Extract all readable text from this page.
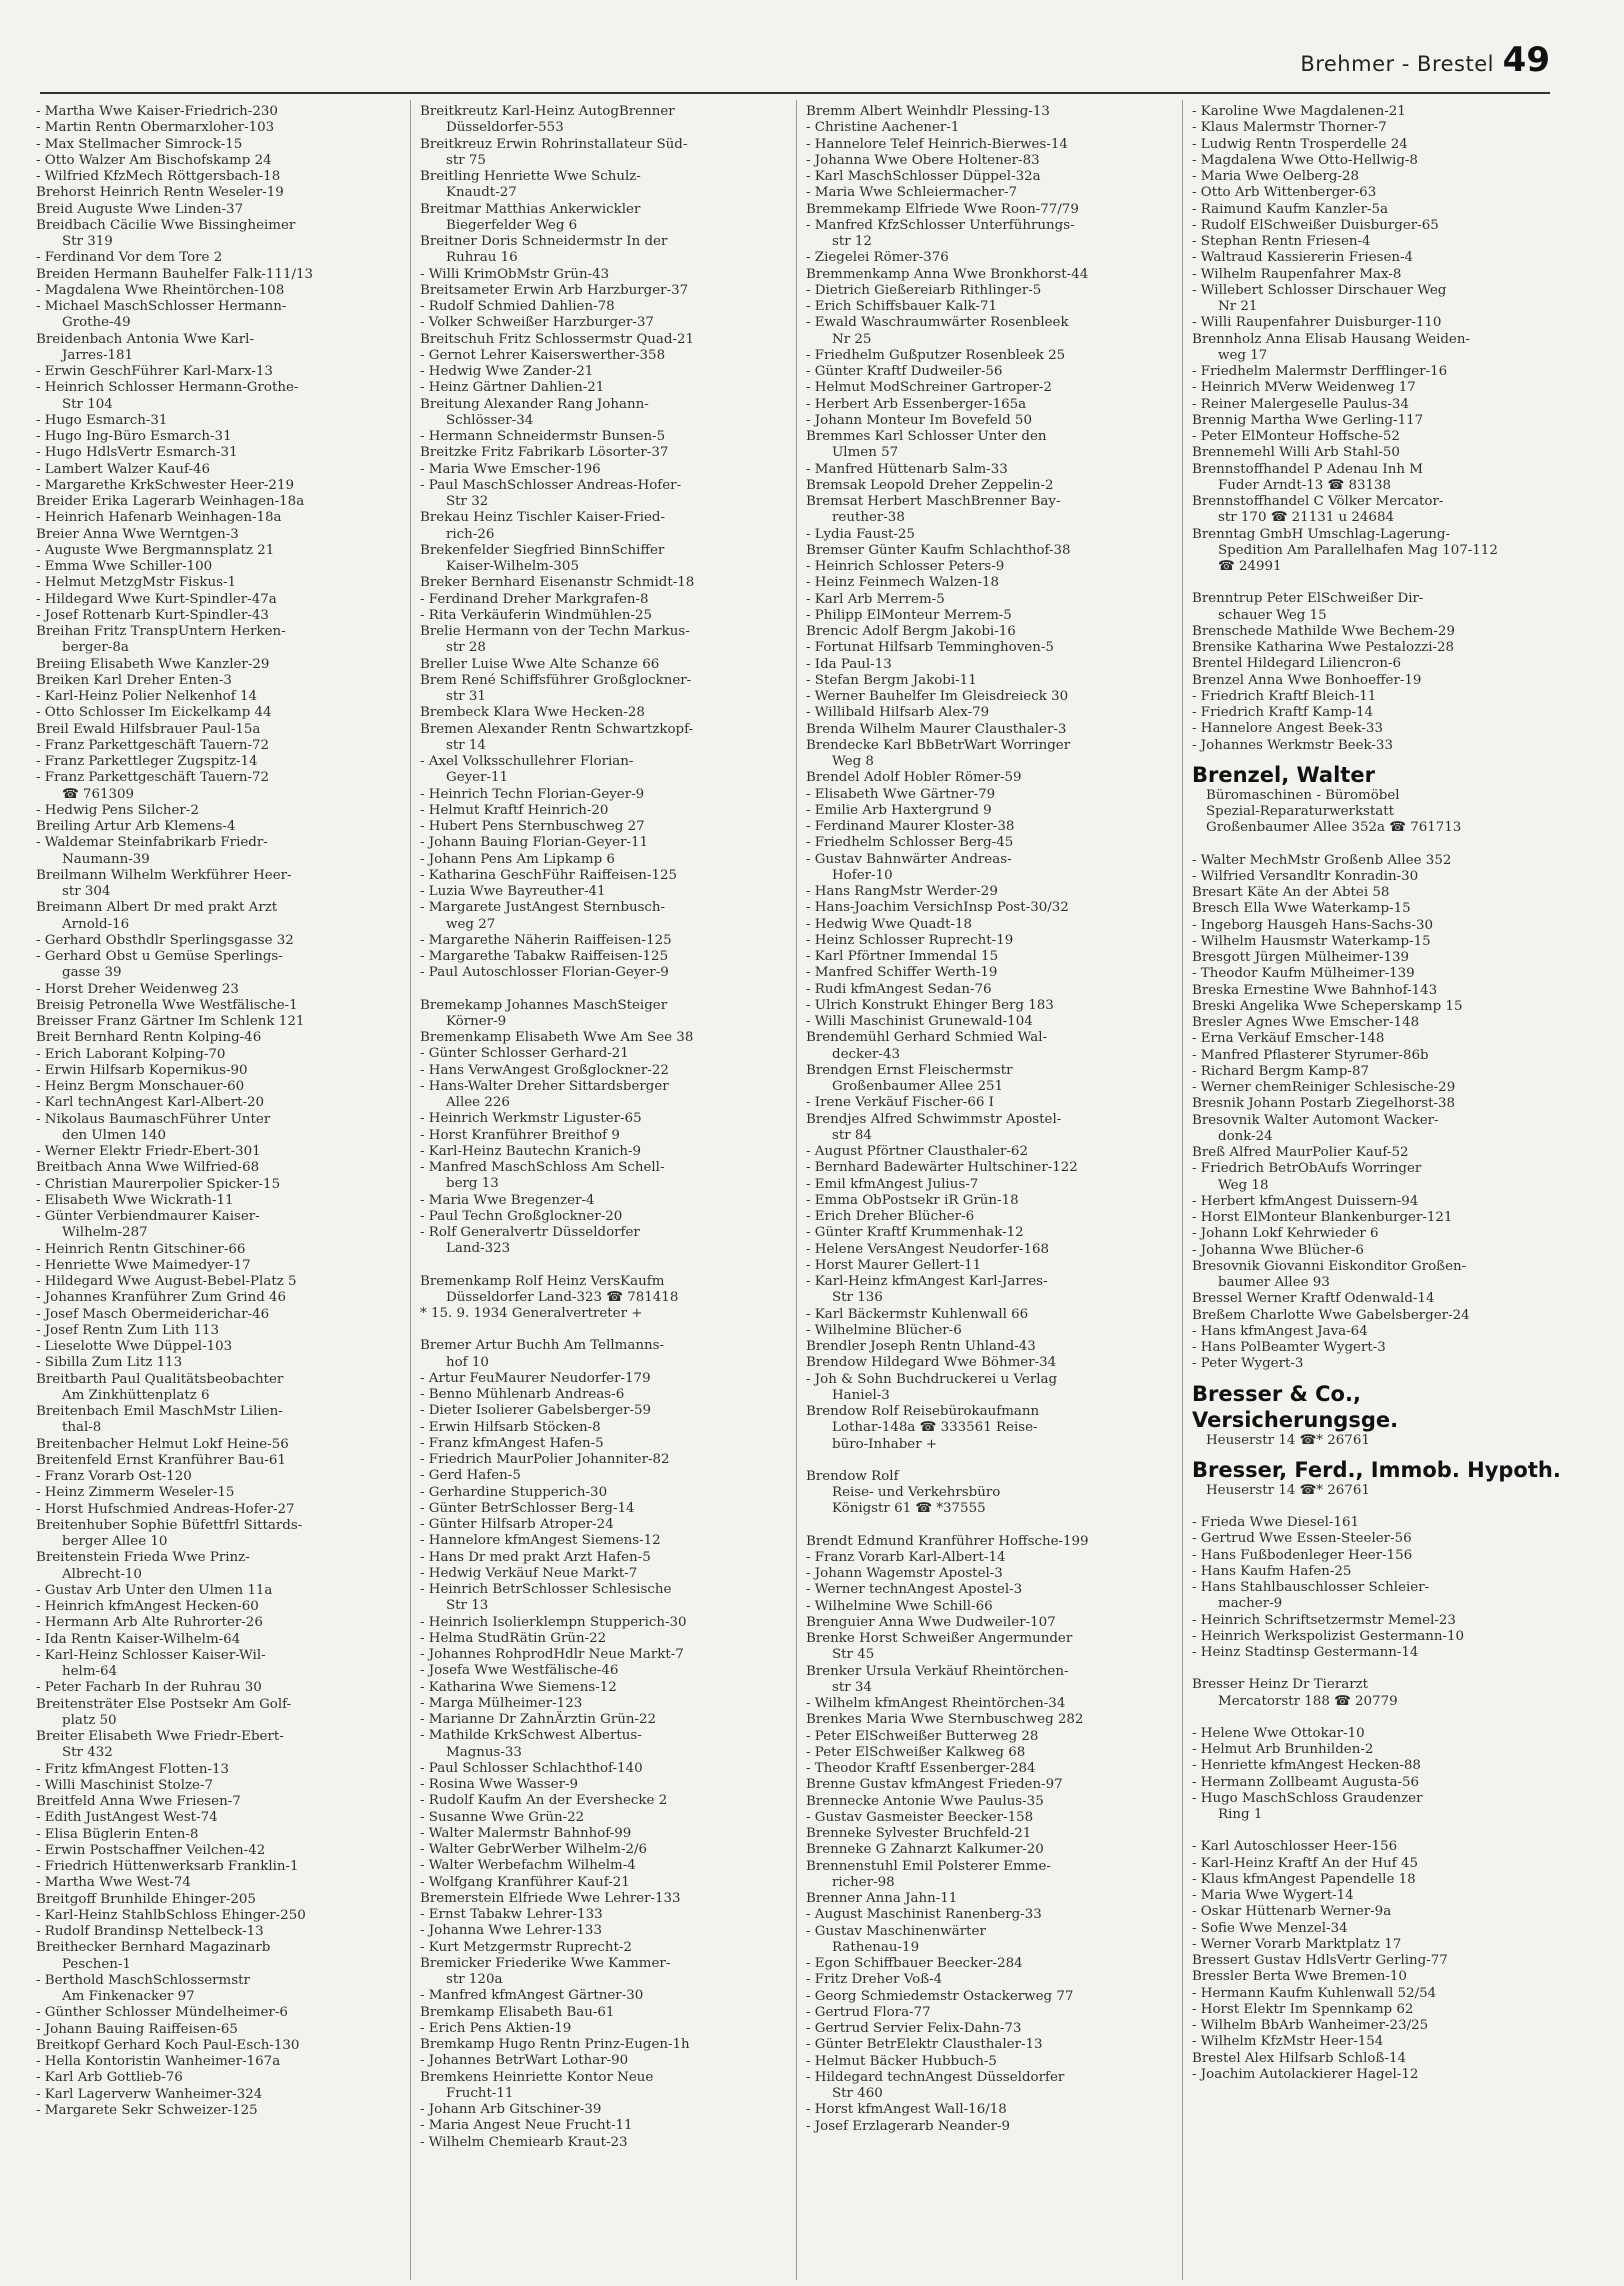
Brehmer - Brestel 49
- Martha Wwe Kaiser-Friedrich-230
- Martin Rentn Obermarxloher-103
- Max Stellmacher Simrock-15
- Otto Walzer Am Bischofskamp 24
- Wilfried KfzMech Röttgersbach-18
Brehorst Heinrich Rentn Weseler-19
Breid Auguste Wwe Linden-37
Breidbach Cäcilie Wwe Bissingheimer
Str 319
- Ferdinand Vor dem Tore 2
Breiden Hermann Bauhelfer Falk-111/13
- Magdalena Wwe Rheintörchen-108
- Michael MaschSchlosser Hermann-
Grothe-49
Breidenbach Antonia Wwe Karl-
Jarres-181
- Erwin GeschFührer Karl-Marx-13
- Heinrich Schlosser Hermann-Grothe-
Str 104
- Hugo Esmarch-31
- Hugo Ing-Büro Esmarch-31
- Hugo HdlsVertr Esmarch-31
- Lambert Walzer Kauf-46
- Margarethe KrkSchwester Heer-219
Breider Erika Lagerarb Weinhagen-18a
- Heinrich Hafenarb Weinhagen-18a
Breier Anna Wwe Werntgen-3
- Auguste Wwe Bergmannsplatz 21
- Emma Wwe Schiller-100
- Helmut MetzgMstr Fiskus-1
- Hildegard Wwe Kurt-Spindler-47a
- Josef Rottenarb Kurt-Spindler-43
Breihan Fritz TranspUntern Herken-
berger-8a
Breiing Elisabeth Wwe Kanzler-29
Breiken Karl Dreher Enten-3
- Karl-Heinz Polier Nelkenhof 14
- Otto Schlosser Im Eickelkamp 44
Breil Ewald Hilfsbrauer Paul-15a
- Franz Parkettgeschäft Tauern-72
- Franz Parkettleger Zugspitz-14
- Franz Parkettgeschäft Tauern-72
☎ 761309
- Hedwig Pens Silcher-2
Breiling Artur Arb Klemens-4
- Waldemar Steinfabrikarb Friedr-
Naumann-39
Breilmann Wilhelm Werkführer Heer-
str 304
Breimann Albert Dr med prakt Arzt
Arnold-16
- Gerhard Obsthdlr Sperlingsgasse 32
- Gerhard Obst u Gemüse Sperlings-
gasse 39
- Horst Dreher Weidenweg 23
Breisig Petronella Wwe Westfälische-1
Breisser Franz Gärtner Im Schlenk 121
Breit Bernhard Rentn Kolping-46
- Erich Laborant Kolping-70
- Erwin Hilfsarb Kopernikus-90
- Heinz Bergm Monschauer-60
- Karl technAngest Karl-Albert-20
- Nikolaus BaumaschFührer Unter
den Ulmen 140
- Werner Elektr Friedr-Ebert-301
Breitbach Anna Wwe Wilfried-68
- Christian Maurerpolier Spicker-15
- Elisabeth Wwe Wickrath-11
- Günter Verbiendmaurer Kaiser-
Wilhelm-287
- Heinrich Rentn Gitschiner-66
- Henriette Wwe Maimedyer-17
- Hildegard Wwe August-Bebel-Platz 5
- Johannes Kranführer Zum Grind 46
- Josef Masch Obermeiderichar-46
- Josef Rentn Zum Lith 113
- Lieselotte Wwe Düppel-103
- Sibilla Zum Litz 113
Breitbarth Paul Qualitätsbeobachter
Am Zinkhüttenplatz 6
Breitenbach Emil MaschMstr Lilien-
thal-8
Breitenbacher Helmut Lokf Heine-56
Breitenfeld Ernst Kranführer Bau-61
- Franz Vorarb Ost-120
- Heinz Zimmerm Weseler-15
- Horst Hufschmied Andreas-Hofer-27
Breitenhuber Sophie Büfettfrl Sittards-
berger Allee 10
Breitenstein Frieda Wwe Prinz-
Albrecht-10
- Gustav Arb Unter den Ulmen 11a
- Heinrich kfmAngest Hecken-60
- Hermann Arb Alte Ruhrorter-26
- Ida Rentn Kaiser-Wilhelm-64
- Karl-Heinz Schlosser Kaiser-Wil-
helm-64
- Peter Facharb In der Ruhrau 30
Breitensträter Else Postsekr Am Golf-
platz 50
Breiter Elisabeth Wwe Friedr-Ebert-
Str 432
- Fritz kfmAngest Flotten-13
- Willi Maschinist Stolze-7
Breitfeld Anna Wwe Friesen-7
- Edith JustAngest West-74
- Elisa Büglerin Enten-8
- Erwin Postschaffner Veilchen-42
- Friedrich Hüttenwerksarb Franklin-1
- Martha Wwe West-74
Breitgoff Brunhilde Ehinger-205
- Karl-Heinz StahlbSchloss Ehinger-250
- Rudolf Brandinsp Nettelbeck-13
Breithecker Bernhard Magazinarb
Peschen-1
- Berthold MaschSchlossermstr
Am Finkenacker 97
- Günther Schlosser Mündelheimer-6
- Johann Bauing Raiffeisen-65
Breitkopf Gerhard Koch Paul-Esch-130
- Hella Kontoristin Wanheimer-167a
- Karl Arb Gottlieb-76
- Karl Lagerverw Wanheimer-324
- Margarete Sekr Schweizer-125
Breitkreutz Karl-Heinz AutogBrenner
Düsseldorfer-553
Breitkreuz Erwin Rohrinstallateur Süd-
str 75
Breitling Henriette Wwe Schulz-
Knaudt-27
Breitmar Matthias Ankerwickler
Biegerfelder Weg 6
Breitner Doris Schneidermstr In der
Ruhrau 16
- Willi KrimObMstr Grün-43
Breitsameter Erwin Arb Harzburger-37
- Rudolf Schmied Dahlien-78
- Volker Schweißer Harzburger-37
Breitschuh Fritz Schlossermstr Quad-21
- Gernot Lehrer Kaiserswerther-358
- Hedwig Wwe Zander-21
- Heinz Gärtner Dahlien-21
Breitung Alexander Rang Johann-
Schlösser-34
- Hermann Schneidermstr Bunsen-5
Breitzke Fritz Fabrikarb Lösorter-37
- Maria Wwe Emscher-196
- Paul MaschSchlosser Andreas-Hofer-
Str 32
Brekau Heinz Tischler Kaiser-Fried-
rich-26
Brekenfelder Siegfried BinnSchiffer
Kaiser-Wilhelm-305
Breker Bernhard Eisenanstr Schmidt-18
- Ferdinand Dreher Markgrafen-8
- Rita Verkäuferin Windmühlen-25
Brelie Hermann von der Techn Markus-
str 28
Breller Luise Wwe Alte Schanze 66
Brem René Schiffsführer Großglockner-
str 31
Brembeck Klara Wwe Hecken-28
Bremen Alexander Rentn Schwartzkopf-
str 14
- Axel Volksschullehrer Florian-
Geyer-11
- Heinrich Techn Florian-Geyer-9
- Helmut Kraftf Heinrich-20
- Hubert Pens Sternbuschweg 27
- Johann Bauing Florian-Geyer-11
- Johann Pens Am Lipkamp 6
- Katharina GeschFühr Raiffeisen-125
- Luzia Wwe Bayreuther-41
- Margarete JustAngest Sternbusch-
weg 27
- Margarethe Näherin Raiffeisen-125
- Margarethe Tabakw Raiffeisen-125
- Paul Autoschlosser Florian-Geyer-9
Bremekamp Johannes MaschSteiger
Körner-9
Bremenkamp Elisabeth Wwe Am See 38
- Günter Schlosser Gerhard-21
- Hans VerwAngest Großglockner-22
- Hans-Walter Dreher Sittardsberger
Allee 226
- Heinrich Werkmstr Liguster-65
- Horst Kranführer Breithof 9
- Karl-Heinz Bautechn Kranich-9
- Manfred MaschSchloss Am Schell-
berg 13
- Maria Wwe Bregenzer-4
- Paul Techn Großglockner-20
- Rolf Generalvertr Düsseldorfer
Land-323
Bremenkamp Rolf Heinz VersKaufm
Düsseldorfer Land-323 ☎ 781418
* 15. 9. 1934 Generalvertreter +
Bremer Artur Buchh Am Tellmanns-
hof 10
- Artur FeuMaurer Neudorfer-179
- Benno Mühlenarb Andreas-6
- Dieter Isolierer Gabelsberger-59
- Erwin Hilfsarb Stöcken-8
- Franz kfmAngest Hafen-5
- Friedrich MaurPolier Johanniter-82
- Gerd Hafen-5
- Gerhardine Stupperich-30
- Günter BetrSchlosser Berg-14
- Günter Hilfsarb Atroper-24
- Hannelore kfmAngest Siemens-12
- Hans Dr med prakt Arzt Hafen-5
- Hedwig Verkäuf Neue Markt-7
- Heinrich BetrSchlosser Schlesische
Str 13
- Heinrich Isolierklempn Stupperich-30
- Helma StudRätin Grün-22
- Johannes RohprodHdlr Neue Markt-7
- Josefa Wwe Westfälische-46
- Katharina Wwe Siemens-12
- Marga Mülheimer-123
- Marianne Dr ZahnÄrztin Grün-22
- Mathilde KrkSchwest Albertus-
Magnus-33
- Paul Schlosser Schlachthof-140
- Rosina Wwe Wasser-9
- Rudolf Kaufm An der Evershecke 2
- Susanne Wwe Grün-22
- Walter Malermstr Bahnhof-99
- Walter GebrWerber Wilhelm-2/6
- Walter Werbefachm Wilhelm-4
- Wolfgang Kranführer Kauf-21
Bremerstein Elfriede Wwe Lehrer-133
- Ernst Tabakw Lehrer-133
- Johanna Wwe Lehrer-133
- Kurt Metzgermstr Ruprecht-2
Bremicker Friederike Wwe Kammer-
str 120a
- Manfred kfmAngest Gärtner-30
Bremkamp Elisabeth Bau-61
- Erich Pens Aktien-19
Bremkamp Hugo Rentn Prinz-Eugen-1h
- Johannes BetrWart Lothar-90
Bremkens Heinriette Kontor Neue
Frucht-11
- Johann Arb Gitschiner-39
- Maria Angest Neue Frucht-11
- Wilhelm Chemiearb Kraut-23
Bremm Albert Weinhdlr Plessing-13
- Christine Aachener-1
- Hannelore Telef Heinrich-Bierwes-14
- Johanna Wwe Obere Holtener-83
- Karl MaschSchlosser Düppel-32a
- Maria Wwe Schleiermacher-7
Bremmekamp Elfriede Wwe Roon-77/79
- Manfred KfzSchlosser Unterführungs-
str 12
- Ziegelei Römer-376
Bremmenkamp Anna Wwe Bronkhorst-44
- Dietrich Gießereiarb Rithlinger-5
- Erich Schiffsbauer Kalk-71
- Ewald Waschraumwärter Rosenbleek
Nr 25
- Friedhelm Gußputzer Rosenbleek 25
- Günter Kraftf Dudweiler-56
- Helmut ModSchreiner Gartroper-2
- Herbert Arb Essenberger-165a
- Johann Monteur Im Bovefeld 50
Bremmes Karl Schlosser Unter den
Ulmen 57
- Manfred Hüttenarb Salm-33
Bremsak Leopold Dreher Zeppelin-2
Bremsat Herbert MaschBrenner Bay-
reuther-38
- Lydia Faust-25
Bremser Günter Kaufm Schlachthof-38
- Heinrich Schlosser Peters-9
- Heinz Feinmech Walzen-18
- Karl Arb Merrem-5
- Philipp ElMonteur Merrem-5
Brencic Adolf Bergm Jakobi-16
- Fortunat Hilfsarb Temminghoven-5
- Ida Paul-13
- Stefan Bergm Jakobi-11
- Werner Bauhelfer Im Gleisdreieck 30
- Willibald Hilfsarb Alex-79
Brenda Wilhelm Maurer Clausthaler-3
Brendecke Karl BbBetrWart Worringer
Weg 8
Brendel Adolf Hobler Römer-59
- Elisabeth Wwe Gärtner-79
- Emilie Arb Haxtergrund 9
- Ferdinand Maurer Kloster-38
- Friedhelm Schlosser Berg-45
- Gustav Bahnwärter Andreas-
Hofer-10
- Hans RangMstr Werder-29
- Hans-Joachim VersichInsp Post-30/32
- Hedwig Wwe Quadt-18
- Heinz Schlosser Ruprecht-19
- Karl Pförtner Immendal 15
- Manfred Schiffer Werth-19
- Rudi kfmAngest Sedan-76
- Ulrich Konstrukt Ehinger Berg 183
- Willi Maschinist Grunewald-104
Brendemühl Gerhard Schmied Wal-
decker-43
Brendgen Ernst Fleischermstr
Großenbaumer Allee 251
- Irene Verkäuf Fischer-66 I
Brendjes Alfred Schwimmstr Apostel-
str 84
- August Pförtner Clausthaler-62
- Bernhard Badewärter Hultschiner-122
- Emil kfmAngest Julius-7
- Emma ObPostsekr iR Grün-18
- Erich Dreher Blücher-6
- Günter Kraftf Krummenhak-12
- Helene VersAngest Neudorfer-168
- Horst Maurer Gellert-11
- Karl-Heinz kfmAngest Karl-Jarres-
Str 136
- Karl Bäckermstr Kuhlenwall 66
- Wilhelmine Blücher-6
Brendler Joseph Rentn Uhland-43
Brendow Hildegard Wwe Böhmer-34
- Joh & Sohn Buchdruckerei u Verlag
Haniel-3
Brendow Rolf Reisebürokaufmann
Lothar-148a ☎ 333561 Reise-
büro-Inhaber +
Brendow Rolf
Reise- und Verkehrsbüro
Königstr 61 ☎ *37555
Brendt Edmund Kranführer Hoffsche-199
- Franz Vorarb Karl-Albert-14
- Johann Wagemstr Apostel-3
- Werner technAngest Apostel-3
- Wilhelmine Wwe Schill-66
Brenguier Anna Wwe Dudweiler-107
Brenke Horst Schweißer Angermunder
Str 45
Brenker Ursula Verkäuf Rheintörchen-
str 34
- Wilhelm kfmAngest Rheintörchen-34
Brenkes Maria Wwe Sternbuschweg 282
- Peter ElSchweißer Butterweg 28
- Peter ElSchweißer Kalkweg 68
- Theodor Kraftf Essenberger-284
Brenne Gustav kfmAngest Frieden-97
Brennecke Antonie Wwe Paulus-35
- Gustav Gasmeister Beecker-158
Brenneke Sylvester Bruchfeld-21
Brenneke G Zahnarzt Kalkumer-20
Brennenstuhl Emil Polsterer Emme-
richer-98
Brenner Anna Jahn-11
- August Maschinist Ranenberg-33
- Gustav Maschinenwärter
Rathenau-19
- Egon Schiffbauer Beecker-284
- Fritz Dreher Voß-4
- Georg Schmiedemstr Ostackerweg 77
- Gertrud Flora-77
- Gertrud Servier Felix-Dahn-73
- Günter BetrElektr Clausthaler-13
- Helmut Bäcker Hubbuch-5
- Hildegard technAngest Düsseldorfer
Str 460
- Horst kfmAngest Wall-16/18
- Josef Erzlagerarb Neander-9
- Karoline Wwe Magdalenen-21
- Klaus Malermstr Thorner-7
- Ludwig Rentn Trosperdelle 24
- Magdalena Wwe Otto-Hellwig-8
- Maria Wwe Oelberg-28
- Otto Arb Wittenberger-63
- Raimund Kaufm Kanzler-5a
- Rudolf ElSchweißer Duisburger-65
- Stephan Rentn Friesen-4
- Waltraud Kassiererin Friesen-4
- Wilhelm Raupenfahrer Max-8
- Willebert Schlosser Dirschauer Weg
Nr 21
- Willi Raupenfahrer Duisburger-110
Brennholz Anna Elisab Hausang Weiden-
weg 17
- Friedhelm Malermstr Derfflinger-16
- Heinrich MVerw Weidenweg 17
- Reiner Malergeselle Paulus-34
Brennig Martha Wwe Gerling-117
- Peter ElMonteur Hoffsche-52
Brennemehl Willi Arb Stahl-50
Brennstoffhandel P Adenau Inh M
Fuder Arndt-13 ☎ 83138
Brennstoffhandel C Völker Mercator-
str 170 ☎ 21131 u 24684
Brenntag GmbH Umschlag-Lagerung-
Spedition Am Parallelhafen Mag 107-112
☎ 24991
Brenntrup Peter ElSchweißer Dir-
schauer Weg 15
Brenschede Mathilde Wwe Bechem-29
Brensike Katharina Wwe Pestalozzi-28
Brentel Hildegard Liliencron-6
Brenzel Anna Wwe Bonhoeffer-19
- Friedrich Kraftf Bleich-11
- Friedrich Kraftf Kamp-14
- Hannelore Angest Beek-33
- Johannes Werkmstr Beek-33
Brenzel, Walter
Büromaschinen - Büromöbel
Spezial-Reparaturwerkstatt
Großenbaumer Allee 352a ☎ 761713
- Walter MechMstr Großenb Allee 352
- Wilfried Versandltr Konradin-30
Bresart Käte An der Abtei 58
Bresch Ella Wwe Waterkamp-15
- Ingeborg Hausgeh Hans-Sachs-30
- Wilhelm Hausmstr Waterkamp-15
Bresgott Jürgen Mülheimer-139
- Theodor Kaufm Mülheimer-139
Breska Ernestine Wwe Bahnhof-143
Breski Angelika Wwe Scheperskamp 15
Bresler Agnes Wwe Emscher-148
- Erna Verkäuf Emscher-148
- Manfred Pflasterer Styrumer-86b
- Richard Bergm Kamp-87
- Werner chemReiniger Schlesische-29
Bresnik Johann Postarb Ziegelhorst-38
Bresovnik Walter Automont Wacker-
donk-24
Breß Alfred MaurPolier Kauf-52
- Friedrich BetrObAufs Worringer
Weg 18
- Herbert kfmAngest Duissern-94
- Horst ElMonteur Blankenburger-121
- Johann Lokf Kehrwieder 6
- Johanna Wwe Blücher-6
Bresovnik Giovanni Eiskonditor Großen-
baumer Allee 93
Bressel Werner Kraftf Odenwald-14
Breßem Charlotte Wwe Gabelsberger-24
- Hans kfmAngest Java-64
- Hans PolBeamter Wygert-3
- Peter Wygert-3
Bresser & Co., Versicherungsge.
Heuserstr 14 ☎* 26761
Bresser, Ferd., Immob. Hypoth.
Heuserstr 14 ☎* 26761
- Frieda Wwe Diesel-161
- Gertrud Wwe Essen-Steeler-56
- Hans Fußbodenleger Heer-156
- Hans Kaufm Hafen-25
- Hans Stahlbauschlosser Schleier-
macher-9
- Heinrich Schriftsetzermstr Memel-23
- Heinrich Werkspolizist Gestermann-10
- Heinz Stadtinsp Gestermann-14
Bresser Heinz Dr Tierarzt
Mercatorstr 188 ☎ 20779
- Helene Wwe Ottokar-10
- Helmut Arb Brunhilden-2
- Henriette kfmAngest Hecken-88
- Hermann Zollbeamt Augusta-56
- Hugo MaschSchloss Graudenzer
Ring 1
- Karl Autoschlosser Heer-156
- Karl-Heinz Kraftf An der Huf 45
- Klaus kfmAngest Papendelle 18
- Maria Wwe Wygert-14
- Oskar Hüttenarb Werner-9a
- Sofie Wwe Menzel-34
- Werner Vorarb Marktplatz 17
Bressert Gustav HdlsVertr Gerling-77
Bressler Berta Wwe Bremen-10
- Hermann Kaufm Kuhlenwall 52/54
- Horst Elektr Im Spennkamp 62
- Wilhelm BbArb Wanheimer-23/25
- Wilhelm KfzMstr Heer-154
Brestel Alex Hilfsarb Schloß-14
- Joachim Autolackierer Hagel-12
